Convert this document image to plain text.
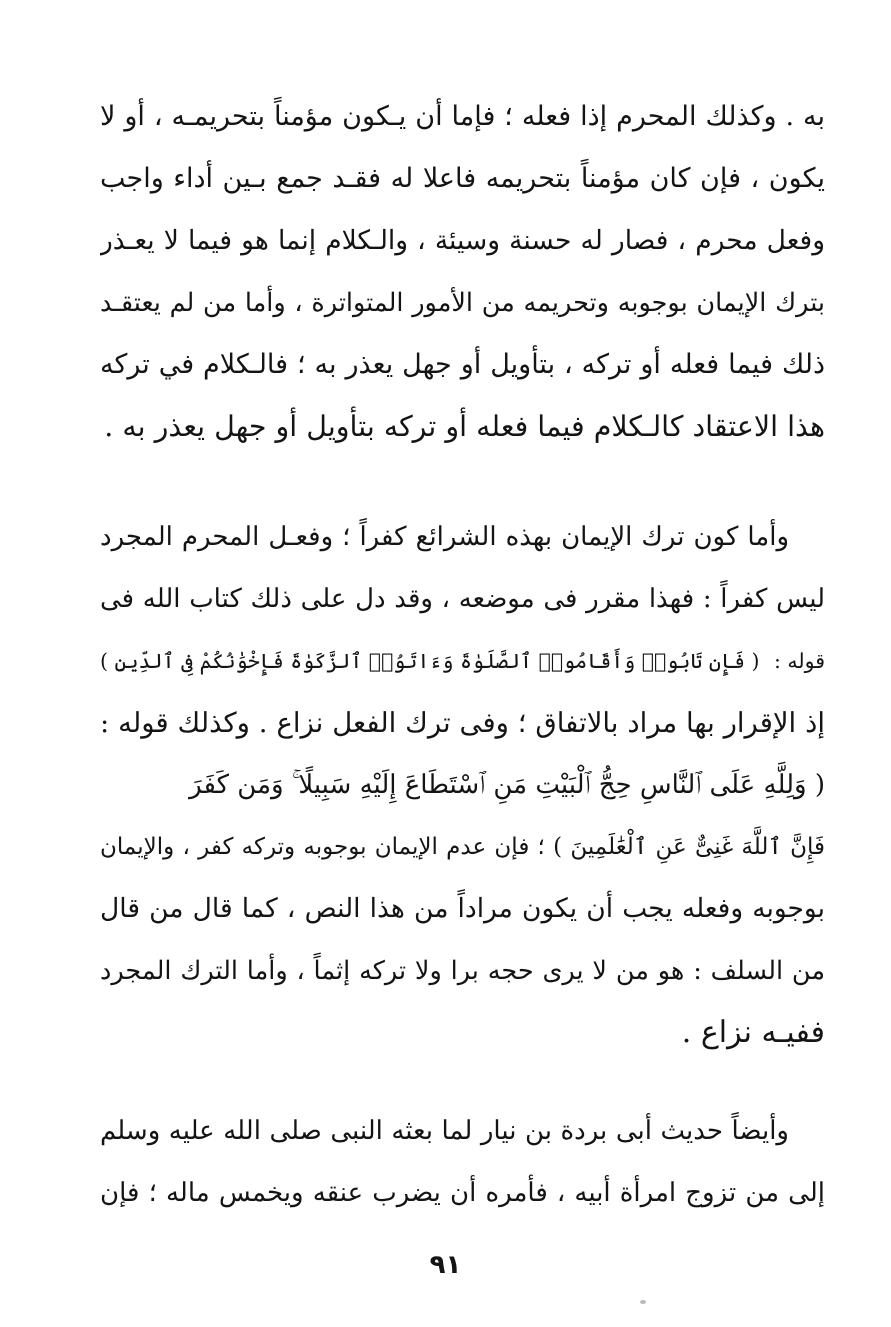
به . وكذلك المحرم إذا فعله ؛ فإما أن يـكون مؤمناً بتحريمـه ، أو لا
يكون ، فإن كان مؤمناً بتحريمه فاعلا له فقـد جمع بـين أداء واجب
وفعل محرم ، فصار له حسنة وسيئة ، والـكلام إنما هو فيما لا يعـذر
بترك الإيمان بوجوبه وتحريمه من الأمور المتواترة ، وأما من لم يعتقـد
ذلك فيما فعله أو تركه ، بتأويل أو جهل يعذر به ؛ فالـكلام في تركه
هذا الاعتقاد كالـكلام فيما فعله أو تركه بتأويل أو جهل يعذر به .
وأما كون ترك الإيمان بهذه الشرائع كفراً ؛ وفعـل المحرم المجرد
ليس كفراً : فهذا مقرر فى موضعه ، وقد دل على ذلك كتاب الله فى
قوله :
( فَإِن تَابُوا۟ وَأَقَامُوا۟ ٱلصَّلَوٰةَ وَءَاتَوُا۟ ٱلزَّكَوٰةَ فَإِخْوَٰنُكُمْ فِى ٱلدِّينِ )
إذ الإقرار بها مراد بالاتفاق ؛ وفى ترك الفعل نزاع . وكذلك قوله :
( وَلِلَّهِ عَلَى ٱلنَّاسِ حِجُّ ٱلْبَيْتِ مَنِ ٱسْتَطَاعَ إِلَيْهِ سَبِيلًا ۚ وَمَن كَفَرَ
فَإِنَّ ٱللَّهَ غَنِىٌّ عَنِ ٱلْعَٰلَمِينَ ) ؛ فإن عدم الإيمان بوجوبه وتركه كفر ، والإيمان
بوجوبه وفعله يجب أن يكون مراداً من هذا النص ، كما قال من قال
من السلف : هو من لا يرى حجه برا ولا تركه إثماً ، وأما الترك المجرد
ففيـه نزاع .
وأيضاً حديث أبى بردة بن نيار لما بعثه النبى صلى الله عليه وسلم
إلى من تزوج امرأة أبيه ، فأمره أن يضرب عنقه ويخمس ماله ؛ فإن
٩١
